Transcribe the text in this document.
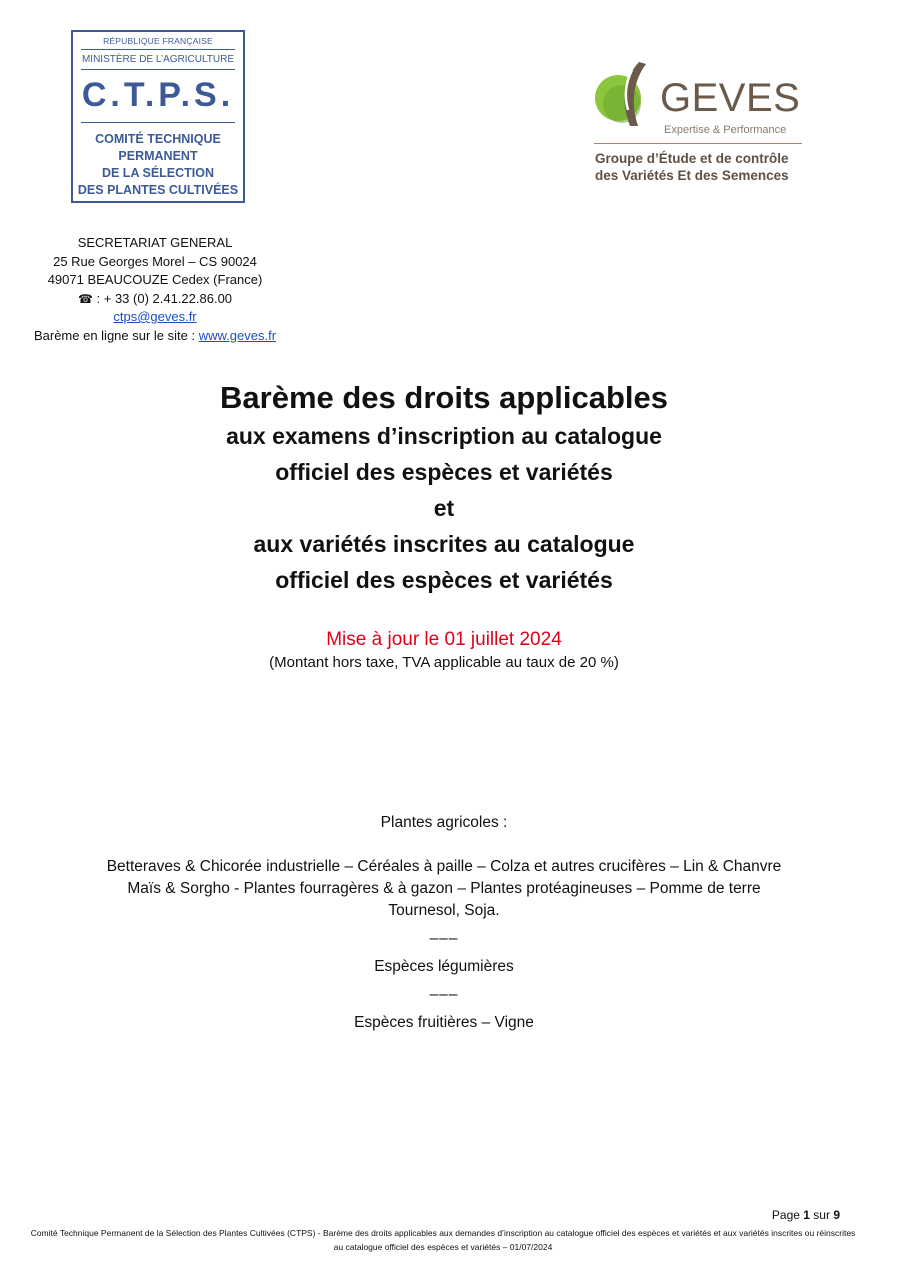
RÉPUBLIQUE FRANÇAISE
MINISTÈRE DE L’AGRICULTURE
C.T.P.S.
COMITÉ TECHNIQUE
PERMANENT
DE LA SÉLECTION
DES PLANTES CULTIVÉES
GEVES
Expertise & Performance
Groupe d’Étude et de contrôle
des Variétés Et des Semences
SECRETARIAT GENERAL
25 Rue Georges Morel – CS 90024
49071 BEAUCOUZE Cedex (France)
☎ : + 33 (0) 2.41.22.86.00
ctps@geves.fr
Barème en ligne sur le site : www.geves.fr
Barème des droits applicables
aux examens d’inscription au catalogue
officiel des espèces et variétés
et
aux variétés inscrites au catalogue
officiel des espèces et variétés
Mise à jour le 01 juillet 2024
(Montant hors taxe, TVA applicable au taux de 20 %)
Plantes agricoles :
Betteraves & Chicorée industrielle – Céréales à paille – Colza et autres crucifères – Lin & Chanvre
Maïs & Sorgho - Plantes fourragères & à gazon – Plantes protéagineuses – Pomme de terre
Tournesol, Soja.
–––
Espèces légumières
–––
Espèces fruitières – Vigne
Page 1 sur 9
Comité Technique Permanent de la Sélection des Plantes Cultivées (CTPS) - Barème des droits applicables aux demandes d’inscription au catalogue officiel des espèces et variétés et aux variétés inscrites ou réinscrites au catalogue officiel des espèces et variétés – 01/07/2024
